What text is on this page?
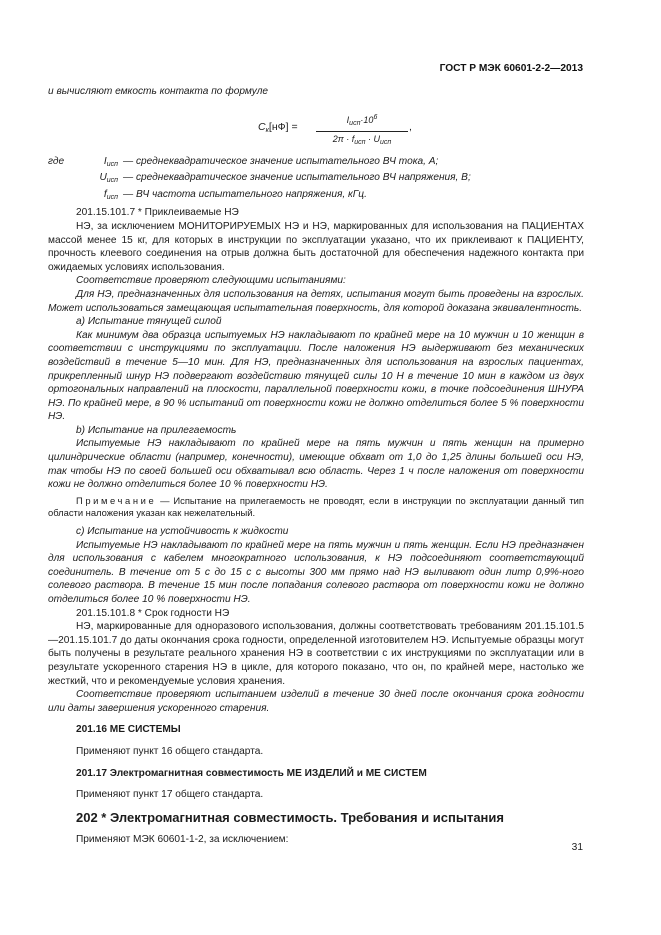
ГОСТ Р МЭК 60601-2-2—2013

и вычисляют емкость контакта по формуле

$C_к[нФ]$ =
$I_{исп}\cdot 10^6$
$2\pi \cdot f_{исп} \cdot U_{исп}$
,
где	$I_{исп}$ — среднеквадратическое значение испытательного ВЧ тока, А;
$U_{исп}$ — среднеквадратическое значение испытательного ВЧ напряжения, В;
$f_{исп}$ — ВЧ частота испытательного напряжения, кГц.

201.15.101.7 * Приклеиваемые НЭ

НЭ, за исключением МОНИТОРИРУЕМЫХ НЭ и НЭ, маркированных для использования на ПАЦИЕНТАХ массой менее 15 кг, для которых в инструкции по эксплуатации указано, что их приклеивают к ПАЦИЕНТУ, прочность клеевого соединения на отрыв должна быть достаточной для обеспечения надежного контакта при ожидаемых условиях использования.

Соответствие проверяют следующими испытаниями:

Для НЭ, предназначенных для использования на детях, испытания могут быть проведены на взрослых. Может использоваться замещающая испытательная поверхность, для которой доказана эквивалентность.

а) Испытание тянущей силой

Как минимум два образца испытуемых НЭ накладывают по крайней мере на 10 мужчин и 10 женщин в соответствии с инструкциями по эксплуатации. После наложения НЭ выдерживают без механических воздействий в течение 5—10 мин. Для НЭ, предназначенных для использования на взрослых пациентах, прикрепленный шнур НЭ подвергают воздействию тянущей силы 10 Н в течение 10 мин в каждом из двух ортогональных направлений на плоскости, параллельной поверхности кожи, в точке подсоединения ШНУРА НЭ. По крайней мере, в 90 % испытаний от поверхности кожи не должно отделиться более 5 % поверхности НЭ.

b) Испытание на прилегаемость

Испытуемые НЭ накладывают по крайней мере на пять мужчин и пять женщин на примерно цилиндрические области (например, конечности), имеющие обхват от 1,0 до 1,25 длины большей оси НЭ, так чтобы НЭ по своей большей оси обхватывал всю область. Через 1 ч после наложения от поверхности кожи не должно отделиться более 10 % поверхности НЭ.

Примечание — Испытание на прилегаемость не проводят, если в инструкции по эксплуатации данный тип области наложения указан как нежелательный.

с) Испытание на устойчивость к жидкости

Испытуемые НЭ накладывают по крайней мере на пять мужчин и пять женщин. Если НЭ предназначен для использования с кабелем многократного использования, к НЭ подсоединяют соответствующий соединитель. В течение от 5 с до 15 с с высоты 300 мм прямо над НЭ выливают один литр 0,9%-ного солевого раствора. В течение 15 мин после попадания солевого раствора от поверхности кожи не должно отделиться более 10 % поверхности НЭ.

201.15.101.8 * Срок годности НЭ

НЭ, маркированные для одноразового использования, должны соответствовать требованиям 201.15.101.5—201.15.101.7 до даты окончания срока годности, определенной изготовителем НЭ. Испытуемые образцы могут быть получены в результате реального хранения НЭ в соответствии с их инструкциями по эксплуатации или в результате ускоренного старения НЭ в цикле, для которого показано, что он, по крайней мере, настолько же жесткий, что и рекомендуемые условия хранения.

Соответствие проверяют испытанием изделий в течение 30 дней после окончания срока годности или даты завершения ускоренного старения.

201.16 МЕ СИСТЕМЫ

Применяют пункт 16 общего стандарта.

201.17 Электромагнитная совместимость МЕ ИЗДЕЛИЙ и МЕ СИСТЕМ

Применяют пункт 17 общего стандарта.

202 * Электромагнитная совместимость. Требования и испытания

Применяют МЭК 60601-1-2, за исключением:

31
